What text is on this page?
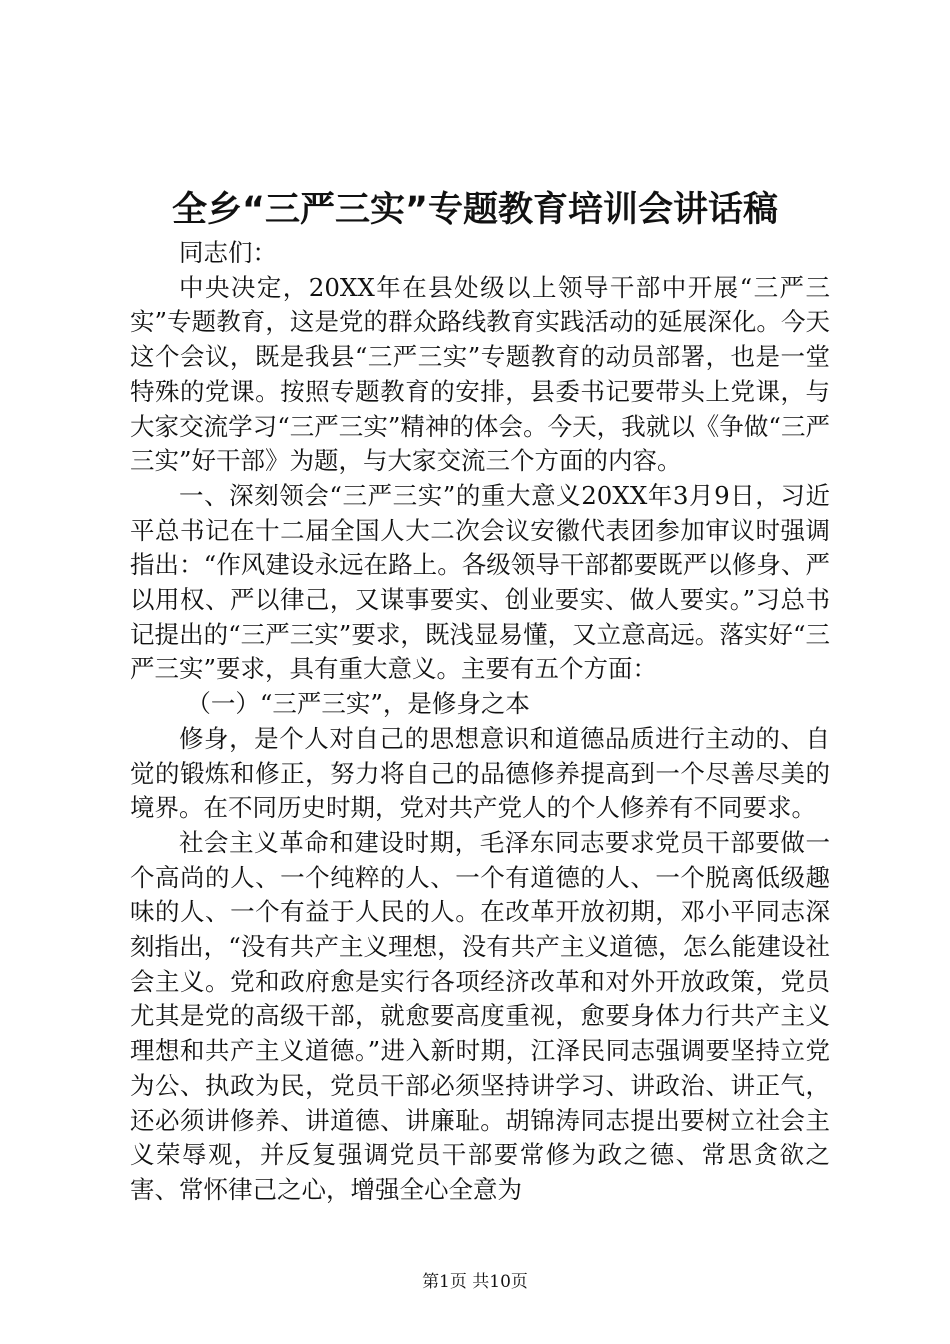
全乡“三严三实”专题教育培训会讲话稿

同志们：

中央决定，20XX年在县处级以上领导干部中开展“三严三实”专题教育，这是党的群众路线教育实践活动的延展深化。今天这个会议，既是我县“三严三实”专题教育的动员部署，也是一堂特殊的党课。按照专题教育的安排，县委书记要带头上党课，与大家交流学习“三严三实”精神的体会。今天，我就以《争做“三严三实”好干部》为题，与大家交流三个方面的内容。

一、深刻领会“三严三实”的重大意义20XX年3月9日，习近平总书记在十二届全国人大二次会议安徽代表团参加审议时强调指出：“作风建设永远在路上。各级领导干部都要既严以修身、严以用权、严以律己，又谋事要实、创业要实、做人要实。”习总书记提出的“三严三实”要求，既浅显易懂，又立意高远。落实好“三严三实”要求，具有重大意义。主要有五个方面：

（一）“三严三实”，是修身之本

修身，是个人对自己的思想意识和道德品质进行主动的、自觉的锻炼和修正，努力将自己的品德修养提高到一个尽善尽美的境界。在不同历史时期，党对共产党人的个人修养有不同要求。

社会主义革命和建设时期，毛泽东同志要求党员干部要做一个高尚的人、一个纯粹的人、一个有道德的人、一个脱离低级趣味的人、一个有益于人民的人。在改革开放初期，邓小平同志深刻指出，“没有共产主义理想，没有共产主义道德，怎么能建设社会主义。党和政府愈是实行各项经济改革和对外开放政策，党员尤其是党的高级干部，就愈要高度重视，愈要身体力行共产主义理想和共产主义道德。”进入新时期，江泽民同志强调要坚持立党为公、执政为民，党员干部必须坚持讲学习、讲政治、讲正气，还必须讲修养、讲道德、讲廉耻。胡锦涛同志提出要树立社会主义荣辱观，并反复强调党员干部要常修为政之德、常思贪欲之害、常怀律己之心，增强全心全意为

第1页 共10页
